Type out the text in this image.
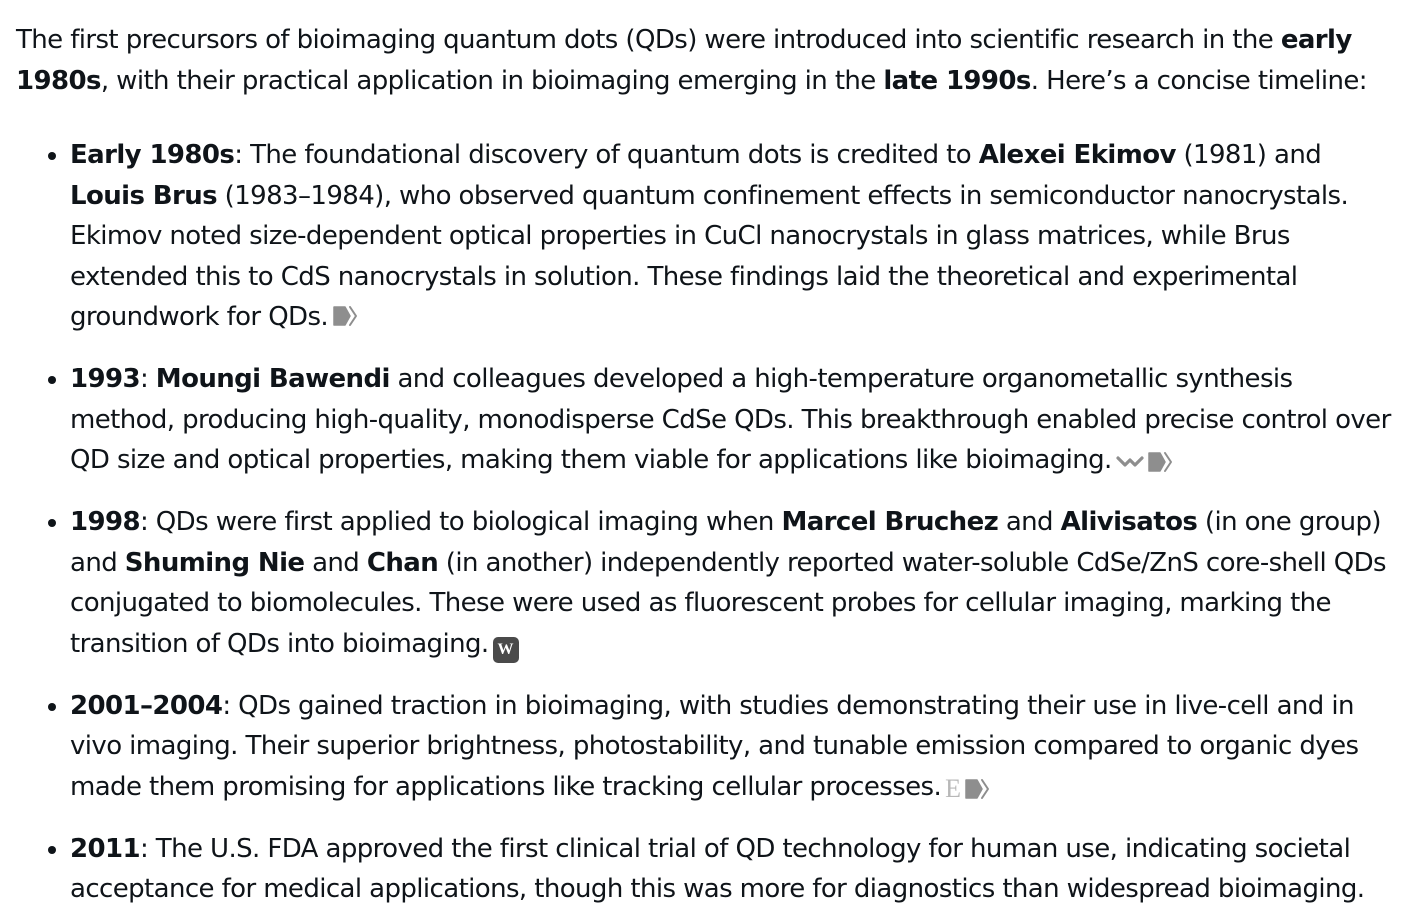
The first precursors of bioimaging quantum dots (QDs) were introduced into scientific research in the early 1980s, with their practical application in bioimaging emerging in the late 1990s. Here’s a concise timeline:

• Early 1980s: The foundational discovery of quantum dots is credited to Alexei Ekimov (1981) and Louis Brus (1983–1984), who observed quantum confinement effects in semiconductor nanocrystals. Ekimov noted size-dependent optical properties in CuCl nanocrystals in glass matrices, while Brus extended this to CdS nanocrystals in solution. These findings laid the theoretical and experimental groundwork for QDs.
• 1993: Moungi Bawendi and colleagues developed a high-temperature organometallic synthesis method, producing high-quality, monodisperse CdSe QDs. This breakthrough enabled precise control over QD size and optical properties, making them viable for applications like bioimaging.
• 1998: QDs were first applied to biological imaging when Marcel Bruchez and Alivisatos (in one group) and Shuming Nie and Chan (in another) independently reported water-soluble CdSe/ZnS core-shell QDs conjugated to biomolecules. These were used as fluorescent probes for cellular imaging, marking the transition of QDs into bioimaging. W
• 2001–2004: QDs gained traction in bioimaging, with studies demonstrating their use in live-cell and in vivo imaging. Their superior brightness, photostability, and tunable emission compared to organic dyes made them promising for applications like tracking cellular processes. E
• 2011: The U.S. FDA approved the first clinical trial of QD technology for human use, indicating societal acceptance for medical applications, though this was more for diagnostics than widespread bioimaging.
